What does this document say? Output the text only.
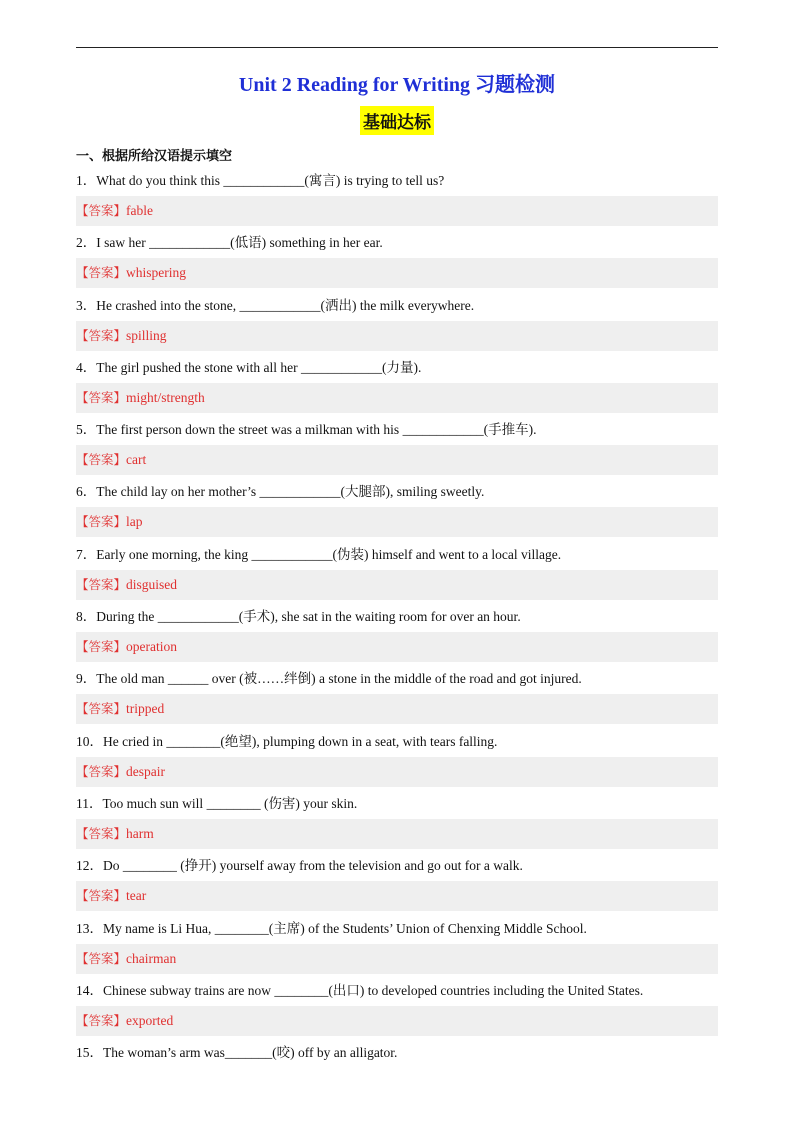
Unit 2 Reading for Writing 习题检测
基础达标
一、根据所给汉语提示填空
1．What do you think this ____________(寓言) is trying to tell us?
【答案】fable
2．I saw her ____________(低语) something in her ear.
【答案】whispering
3．He crashed into the stone, ____________(洒出) the milk everywhere.
【答案】spilling
4．The girl pushed the stone with all her ____________(力量).
【答案】might/strength
5．The first person down the street was a milkman with his ____________(手推车).
【答案】cart
6．The child lay on her mother’s ____________(大腿部), smiling sweetly.
【答案】lap
7．Early one morning, the king ____________(伪装) himself and went to a local village.
【答案】disguised
8．During the ____________(手术), she sat in the waiting room for over an hour.
【答案】operation
9．The old man ______ over (被……绊倒) a stone in the middle of the road and got injured.
【答案】tripped
10．He cried in ________(绝望), plumping down in a seat, with tears falling.
【答案】despair
11．Too much sun will ________ (伤害) your skin.
【答案】harm
12．Do ________ (挣开) yourself away from the television and go out for a walk.
【答案】tear
13．My name is Li Hua, ________(主席) of the Students’ Union of Chenxing Middle School.
【答案】chairman
14．Chinese subway trains are now ________(出口) to developed countries including the United States.
【答案】exported
15．The woman’s arm was_______(咬) off by an alligator.
